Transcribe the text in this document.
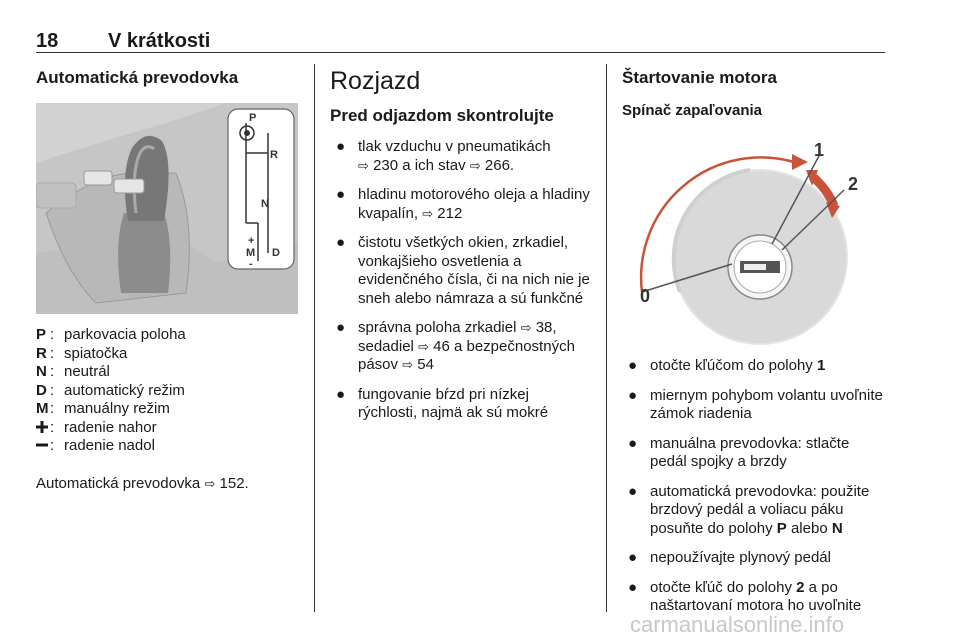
18 V krátkosti
Automatická prevodovka
P
R
N
+
M D
-
P : parkovacia poloha
R : spiatočka
N : neutrál
D : automatický režim
M : manuálny režim
: radenie nahor
: radenie nadol
Automatická prevodovka ⇨ 152.
Rozjazd
Pred odjazdom skontrolujte
● tlak vzduchu v pneumatikách
⇨ 230 a ich stav ⇨ 266.
● hladinu motorového oleja a hladiny kvapalín, ⇨ 212
● čistotu všetkých okien, zrkadiel, vonkajšieho osvetlenia a evidenčného čísla, či na nich nie je sneh alebo námraza a sú funkčné
● správna poloha zrkadiel ⇨ 38, sedadiel ⇨ 46 a bezpečnostných pásov ⇨ 54
● fungovanie bŕzd pri nízkej rýchlosti, najmä ak sú mokré
Štartovanie motora
Spínač zapaľovania
0
1
2
● otočte kľúčom do polohy 1
● miernym pohybom volantu uvoľnite zámok riadenia
● manuálna prevodovka: stlačte pedál spojky a brzdy
● automatická prevodovka: použite brzdový pedál a voliacu páku posuňte do polohy P alebo N
● nepoužívajte plynový pedál
● otočte kľúč do polohy 2 a po naštartovaní motora ho uvoľnite
carmanualsonline.info
